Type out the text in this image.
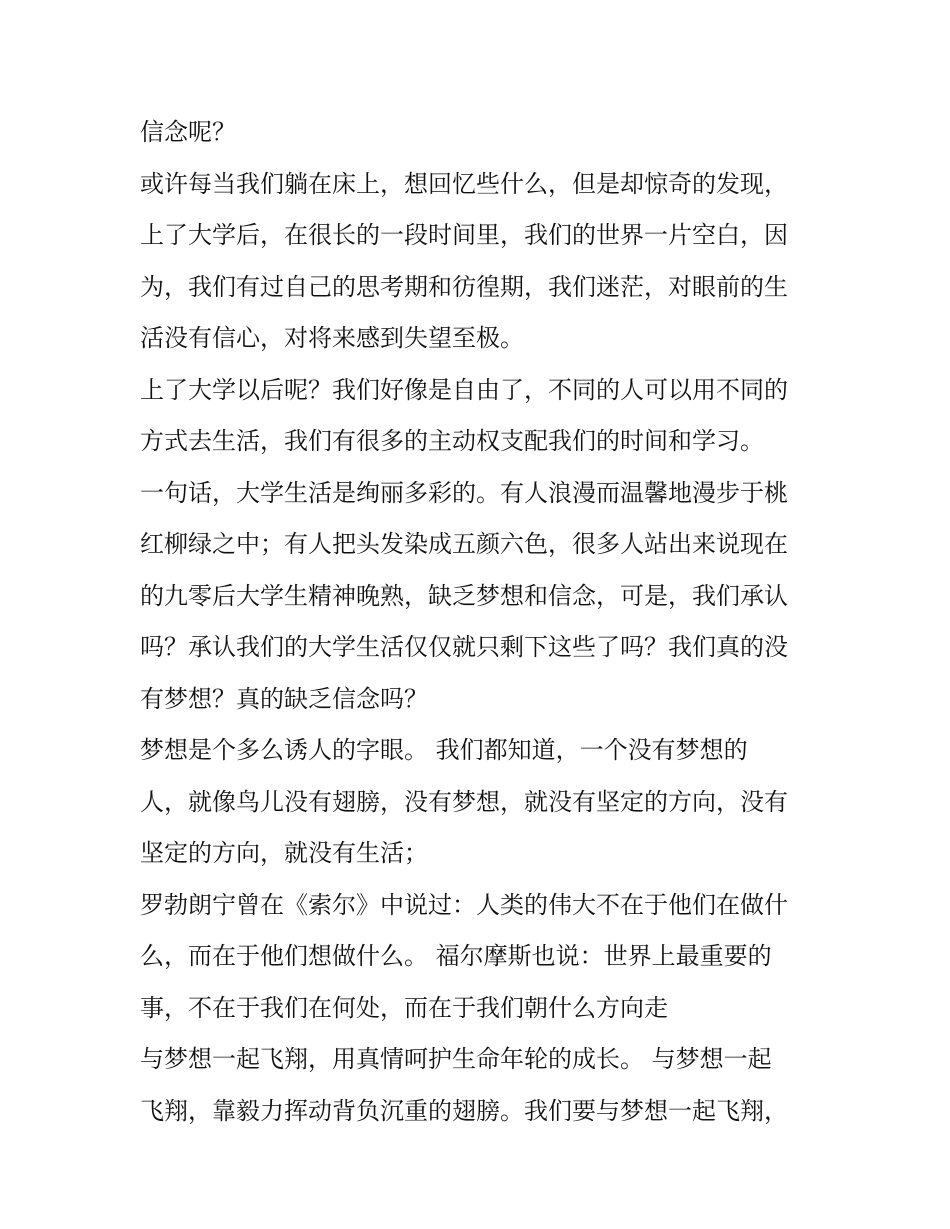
信念呢？
或许每当我们躺在床上，想回忆些什么，但是却惊奇的发现，
上了大学后，在很长的一段时间里，我们的世界一片空白，因
为，我们有过自己的思考期和彷徨期，我们迷茫，对眼前的生
活没有信心，对将来感到失望至极。
上了大学以后呢？我们好像是自由了，不同的人可以用不同的
方式去生活，我们有很多的主动权支配我们的时间和学习。
一句话，大学生活是绚丽多彩的。有人浪漫而温馨地漫步于桃
红柳绿之中；有人把头发染成五颜六色，很多人站出来说现在
的九零后大学生精神晚熟，缺乏梦想和信念，可是，我们承认
吗？承认我们的大学生活仅仅就只剩下这些了吗？我们真的没
有梦想？真的缺乏信念吗？
梦想是个多么诱人的字眼。 我们都知道，一个没有梦想的
人，就像鸟儿没有翅膀，没有梦想，就没有坚定的方向，没有
坚定的方向，就没有生活；
罗勃朗宁曾在《索尔》中说过：人类的伟大不在于他们在做什
么，而在于他们想做什么。 福尔摩斯也说：世界上最重要的
事，不在于我们在何处，而在于我们朝什么方向走
与梦想一起飞翔，用真情呵护生命年轮的成长。 与梦想一起
飞翔，靠毅力挥动背负沉重的翅膀。我们要与梦想一起飞翔，
